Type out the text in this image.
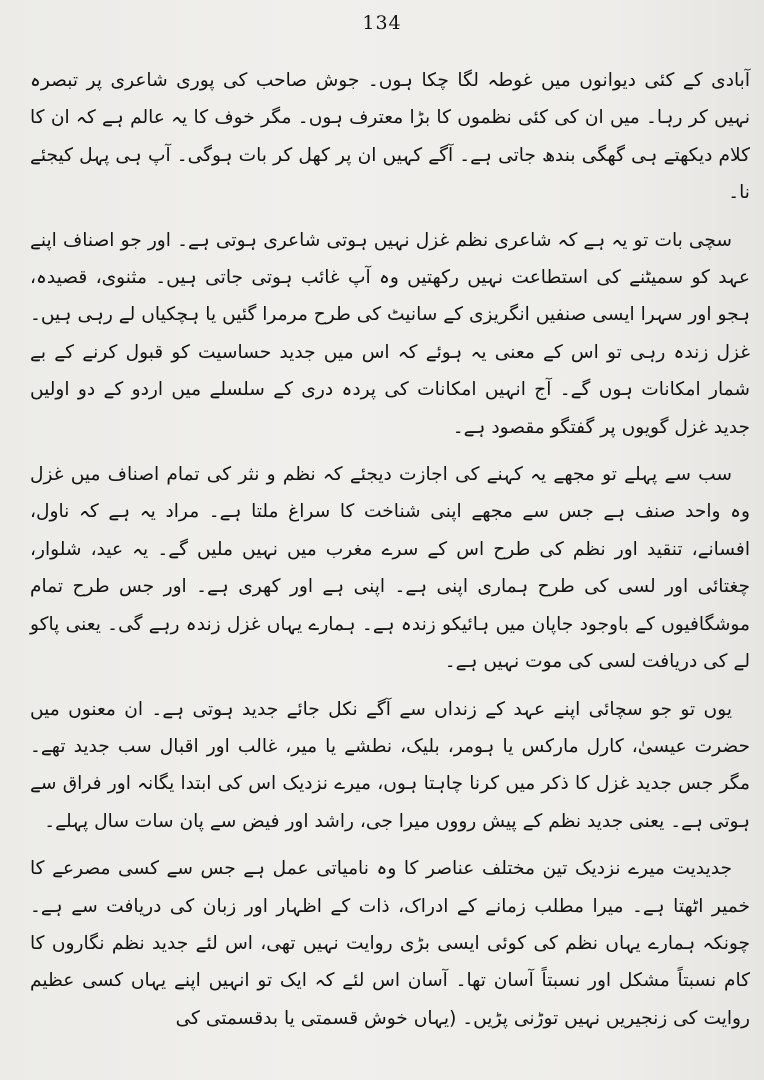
134

آبادی کے کئی دیوانوں میں غوطہ لگا چکا ہوں۔ جوش صاحب کی پوری شاعری پر تبصرہ نہیں کر رہا۔ میں ان کی کئی نظموں کا بڑا معترف ہوں۔ مگر خوف کا یہ عالم ہے کہ ان کا کلام دیکھتے ہی گھگی بندھ جاتی ہے۔ آگے کہیں ان پر کھل کر بات ہوگی۔ آپ ہی پہل کیجئے نا۔

سچی بات تو یہ ہے کہ شاعری نظم غزل نہیں ہوتی شاعری ہوتی ہے۔ اور جو اصناف اپنے عہد کو سمیٹنے کی استطاعت نہیں رکھتیں وہ آپ غائب ہوتی جاتی ہیں۔ مثنوی، قصیدہ، ہجو اور سہرا ایسی صنفیں انگریزی کے سانیٹ کی طرح مرمرا گئیں یا ہچکیاں لے رہی ہیں۔ غزل زندہ رہی تو اس کے معنی یہ ہوئے کہ اس میں جدید حساسیت کو قبول کرنے کے بے شمار امکانات ہوں گے۔ آج انہیں امکانات کی پردہ دری کے سلسلے میں اردو کے دو اولیں جدید غزل گویوں پر گفتگو مقصود ہے۔

سب سے پہلے تو مجھے یہ کہنے کی اجازت دیجئے کہ نظم و نثر کی تمام اصناف میں غزل وہ واحد صنف ہے جس سے مجھے اپنی شناخت کا سراغ ملتا ہے۔ مراد یہ ہے کہ ناول، افسانے، تنقید اور نظم کی طرح اس کے سرے مغرب میں نہیں ملیں گے۔ یہ عید، شلوار، چغتائی اور لسی کی طرح ہماری اپنی ہے۔ اپنی ہے اور کھری ہے۔ اور جس طرح تمام موشگافیوں کے باوجود جاپان میں ہائیکو زندہ ہے۔ ہمارے یہاں غزل زندہ رہے گی۔ یعنی پاکو لے کی دریافت لسی کی موت نہیں ہے۔

یوں تو جو سچائی اپنے عہد کے زنداں سے آگے نکل جائے جدید ہوتی ہے۔ ان معنوں میں حضرت عیسیٰ، کارل مارکس یا ہومر، بلیک، نطشے یا میر، غالب اور اقبال سب جدید تھے۔ مگر جس جدید غزل کا ذکر میں کرنا چاہتا ہوں، میرے نزدیک اس کی ابتدا یگانہ اور فراق سے ہوتی ہے۔ یعنی جدید نظم کے پیش رووں میرا جی، راشد اور فیض سے پان سات سال پہلے۔

جدیدیت میرے نزدیک تین مختلف عناصر کا وہ نامیاتی عمل ہے جس سے کسی مصرعے کا خمیر اٹھتا ہے۔ میرا مطلب زمانے کے ادراک، ذات کے اظہار اور زبان کی دریافت سے ہے۔ چونکہ ہمارے یہاں نظم کی کوئی ایسی بڑی روایت نہیں تھی، اس لئے جدید نظم نگاروں کا کام نسبتاً مشکل اور نسبتاً آسان تھا۔ آسان اس لئے کہ ایک تو انہیں اپنے یہاں کسی عظیم روایت کی زنجیریں نہیں توڑنی پڑیں۔ (یہاں خوش قسمتی یا بدقسمتی کی
